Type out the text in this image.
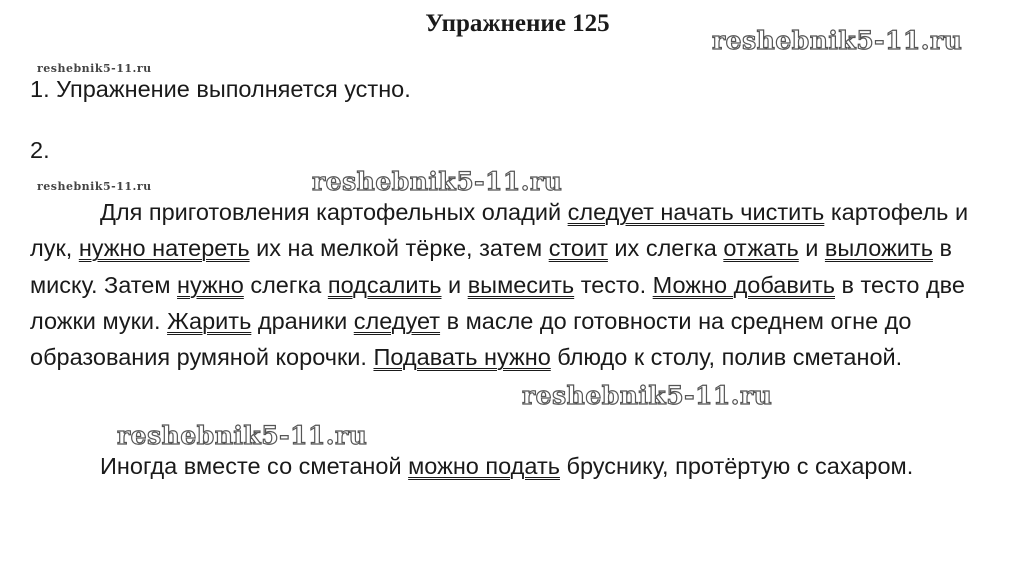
Упражнение 125
reshebnik5-11.ru
reshebnik5-11.ru

1. Упражнение выполняется устно.

2.

reshebnik5-11.ru	reshebnik5-11.ru

Для приготовления картофельных оладий следует начать чистить картофель и лук, нужно натереть их на мелкой тёрке, затем стоит их слегка отжать и выложить в миску. Затем нужно слегка подсалить и вымесить тесто. Можно добавить в тесто две ложки муки. Жарить драники следует в масле до готовности на среднем огне до образования румяной корочки. Подавать нужно блюдо к столу, полив сметаной.

reshebnik5-11.ru
reshebnik5-11.ru

Иногда вместе со сметаной можно подать бруснику, протёртую с сахаром.
